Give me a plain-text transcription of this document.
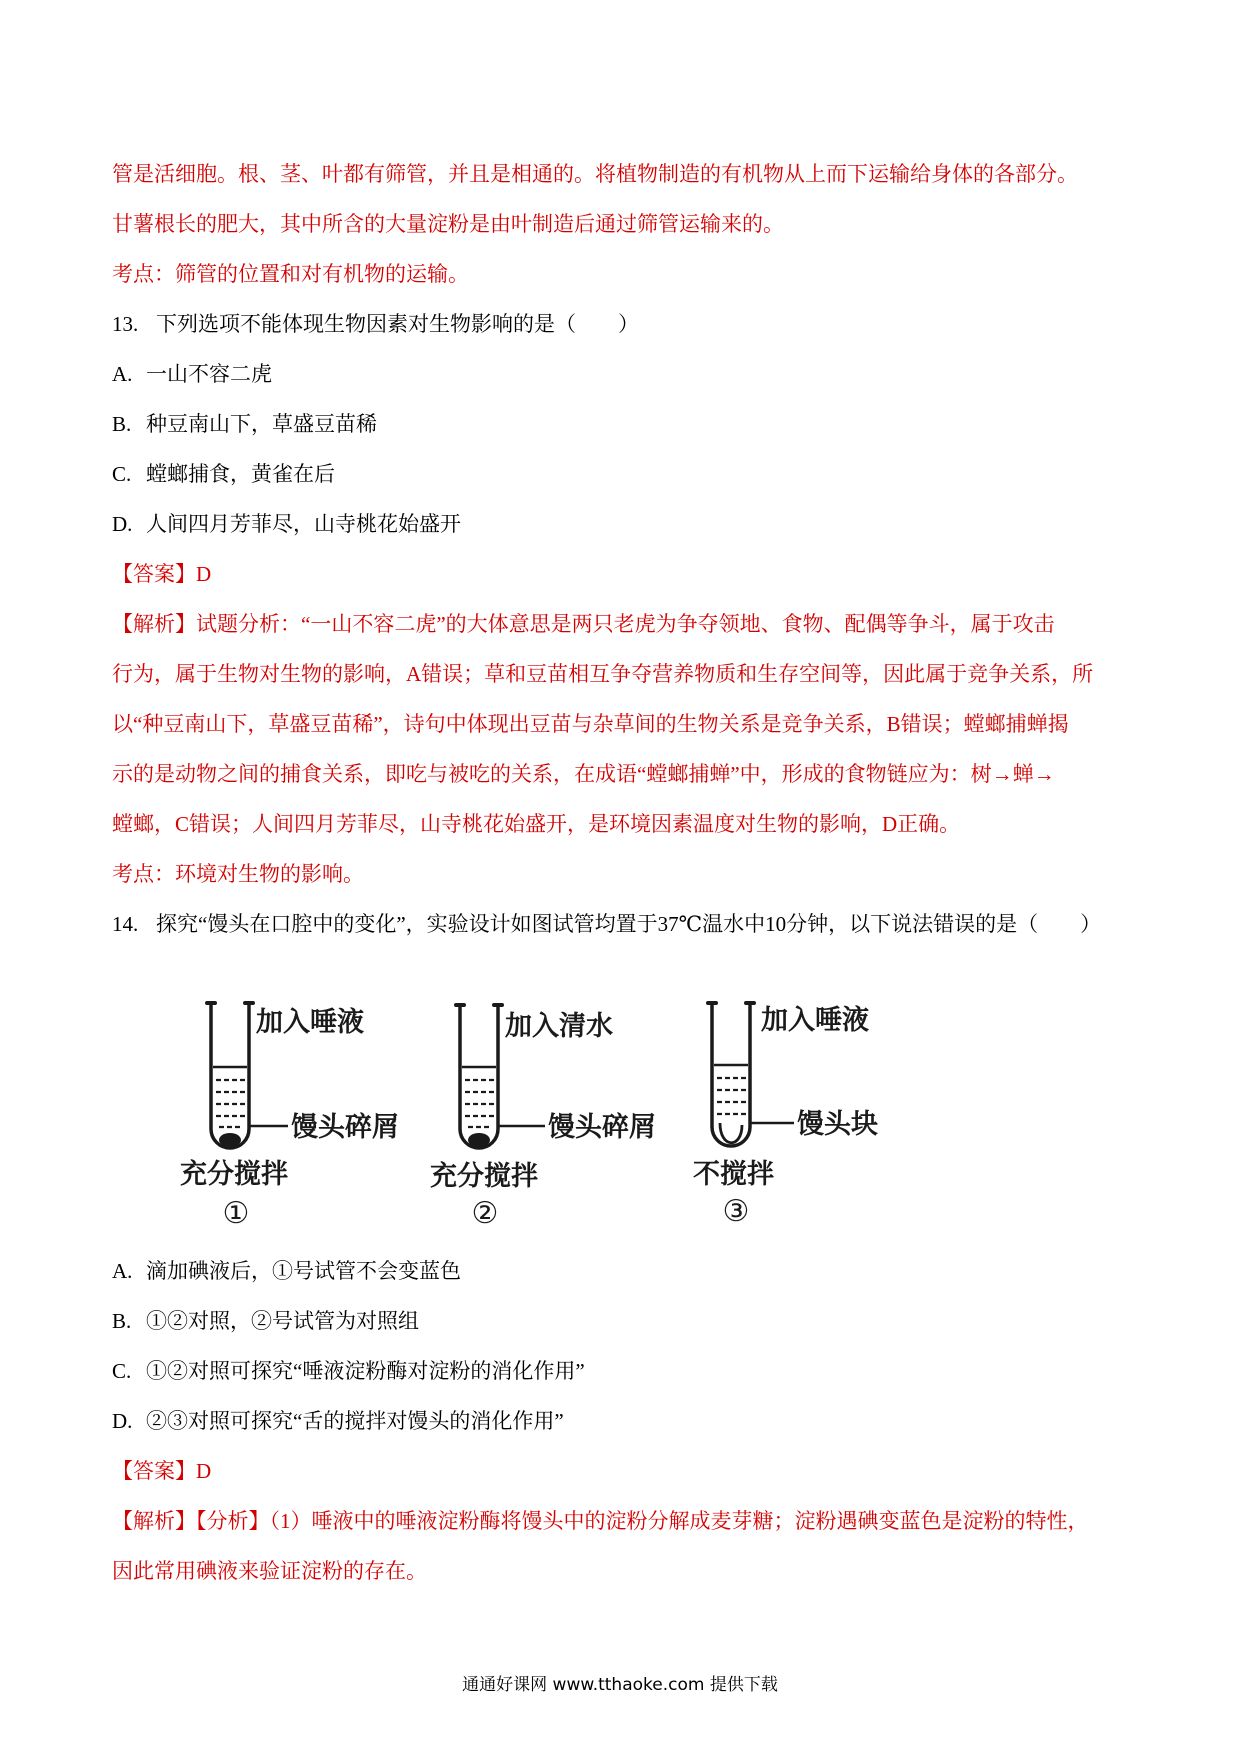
管是活细胞。根、茎、叶都有筛管，并且是相通的。将植物制造的有机物从上而下运输给身体的各部分。
甘薯根长的肥大，其中所含的大量淀粉是由叶制造后通过筛管运输来的。
考点：筛管的位置和对有机物的运输。
13. 下列选项不能体现生物因素对生物影响的是（　　）
A. 一山不容二虎
B. 种豆南山下，草盛豆苗稀
C. 螳螂捕食，黄雀在后
D. 人间四月芳菲尽，山寺桃花始盛开
【答案】D
【解析】试题分析：“一山不容二虎”的大体意思是两只老虎为争夺领地、食物、配偶等争斗，属于攻击
行为，属于生物对生物的影响，A错误；草和豆苗相互争夺营养物质和生存空间等，因此属于竞争关系，所
以“种豆南山下，草盛豆苗稀”，诗句中体现出豆苗与杂草间的生物关系是竞争关系，B错误；螳螂捕蝉揭
示的是动物之间的捕食关系，即吃与被吃的关系，在成语“螳螂捕蝉”中，形成的食物链应为：树→蝉→
螳螂，C错误；人间四月芳菲尽，山寺桃花始盛开，是环境因素温度对生物的影响，D正确。
考点：环境对生物的影响。
14. 探究“馒头在口腔中的变化”，实验设计如图试管均置于37℃温水中10分钟，以下说法错误的是（　　）
加入唾液
馒头碎屑
充分搅拌
①
加入清水
馒头碎屑
充分搅拌
②
加入唾液
馒头块
不搅拌
③
A. 滴加碘液后，①号试管不会变蓝色
B. ①②对照，②号试管为对照组
C. ①②对照可探究“唾液淀粉酶对淀粉的消化作用”
D. ②③对照可探究“舌的搅拌对馒头的消化作用”
【答案】D
【解析】【分析】（1）唾液中的唾液淀粉酶将馒头中的淀粉分解成麦芽糖；淀粉遇碘变蓝色是淀粉的特性，
因此常用碘液来验证淀粉的存在。
通通好课网 www.tthaoke.com 提供下载
